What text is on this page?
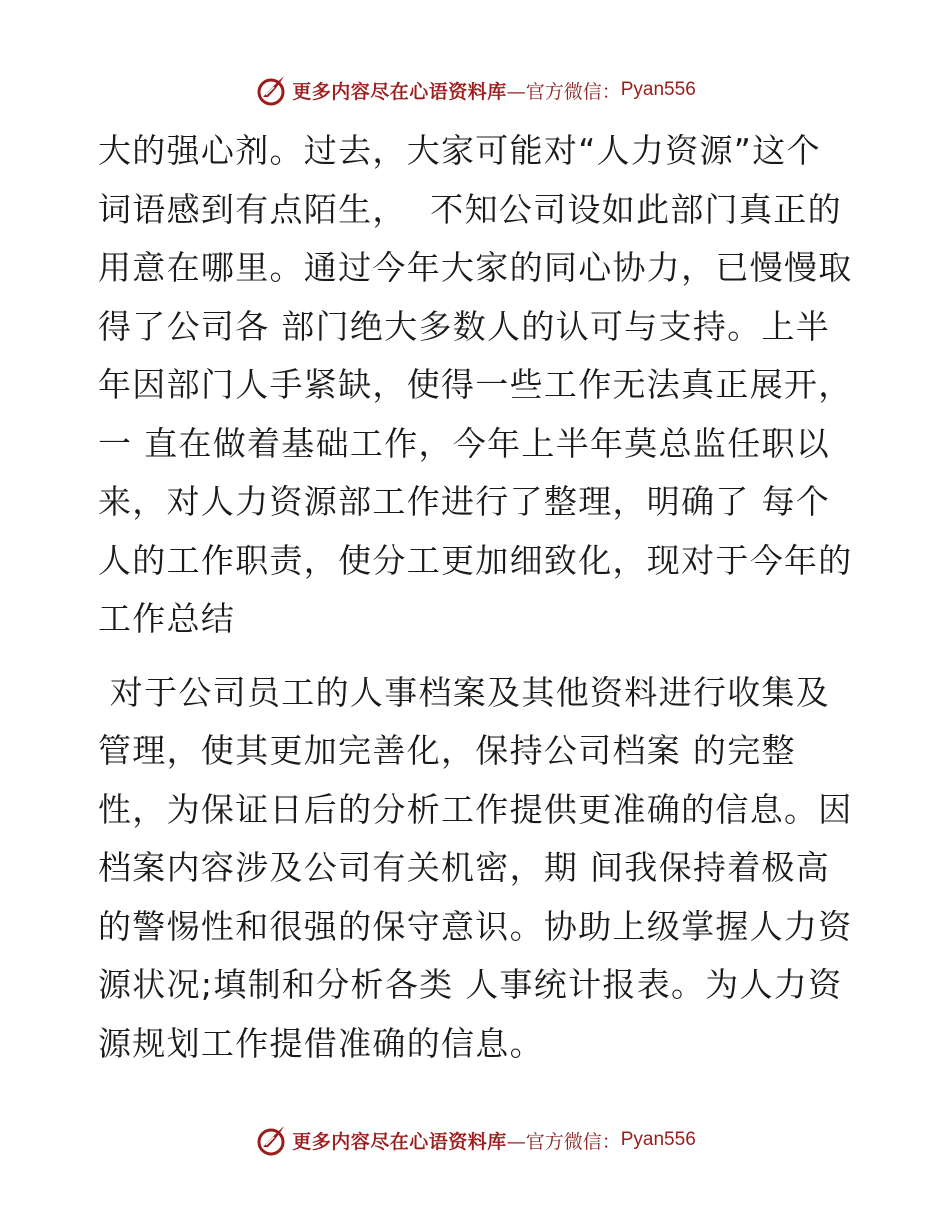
更多内容尽在心语资料库 —官方微信： Pyan556

大的强心剂。过去，大家可能对“人力资源”这个
词语感到有点陌生，  不知公司设如此部门真正的
用意在哪里。通过今年大家的同心协力，已慢慢取
得了公司各 部门绝大多数人的认可与支持。上半
年因部门人手紧缺，使得一些工作无法真正展开，
一 直在做着基础工作，今年上半年莫总监任职以
来，对人力资源部工作进行了整理，明确了 每个
人的工作职责，使分工更加细致化，现对于今年的
工作总结

对于公司员工的人事档案及其他资料进行收集及
管理，使其更加完善化，保持公司档案 的完整
性，为保证日后的分析工作提供更准确的信息。因
档案内容涉及公司有关机密，期 间我保持着极高
的警惕性和很强的保守意识。协助上级掌握人力资
源状况;填制和分析各类 人事统计报表。为人力资
源规划工作提借准确的信息。

更多内容尽在心语资料库 —官方微信： Pyan556
